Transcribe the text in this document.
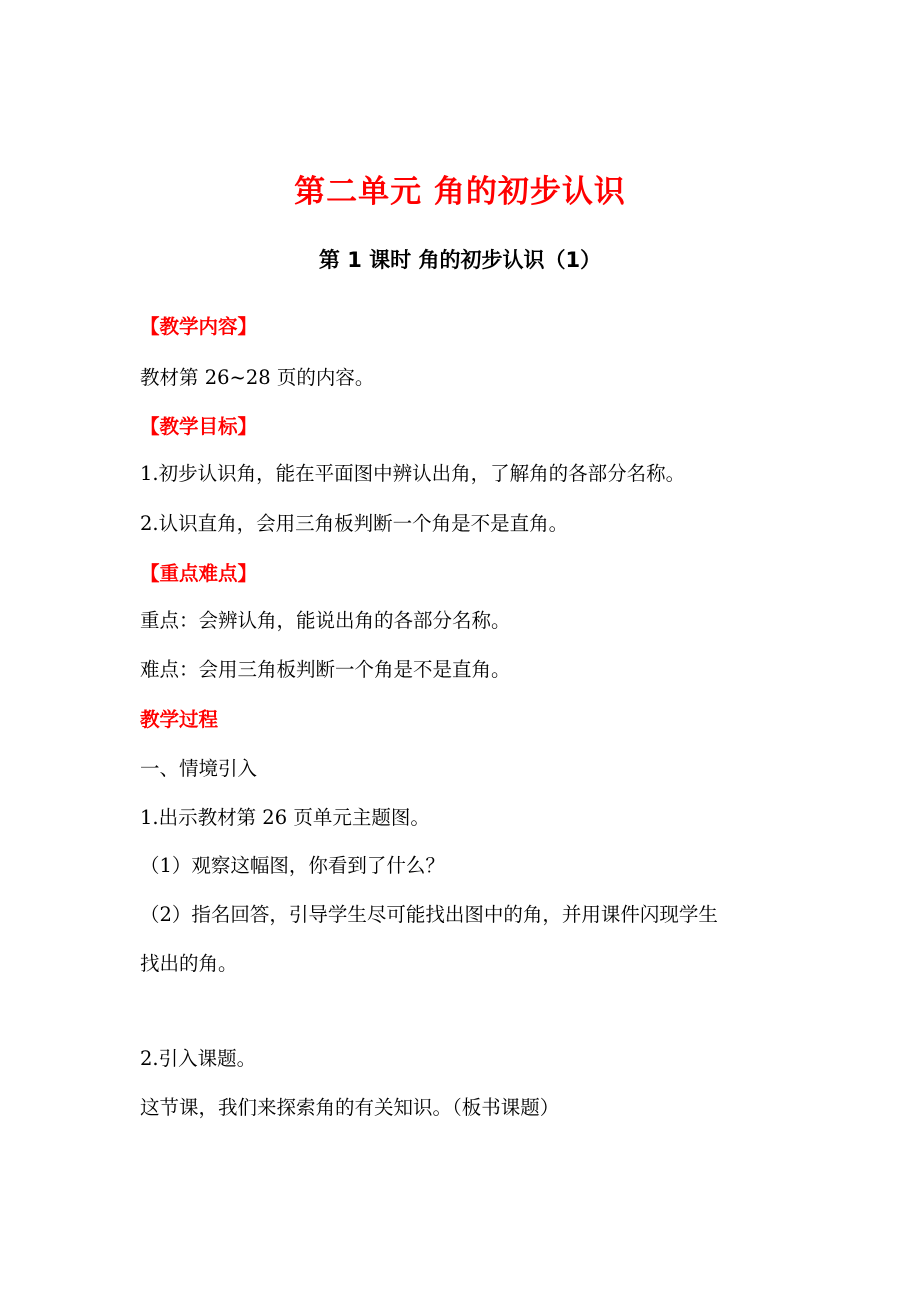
第二单元 角的初步认识
第 1 课时 角的初步认识（1）
【教学内容】
教材第 26~28 页的内容。
【教学目标】
1.初步认识角，能在平面图中辨认出角，了解角的各部分名称。
2.认识直角，会用三角板判断一个角是不是直角。
【重点难点】
重点：会辨认角，能说出角的各部分名称。
难点：会用三角板判断一个角是不是直角。
教学过程
一、情境引入
1.出示教材第 26 页单元主题图。
（1）观察这幅图，你看到了什么？
（2）指名回答，引导学生尽可能找出图中的角，并用课件闪现学生
找出的角。
2.引入课题。
这节课，我们来探索角的有关知识。（板书课题）
